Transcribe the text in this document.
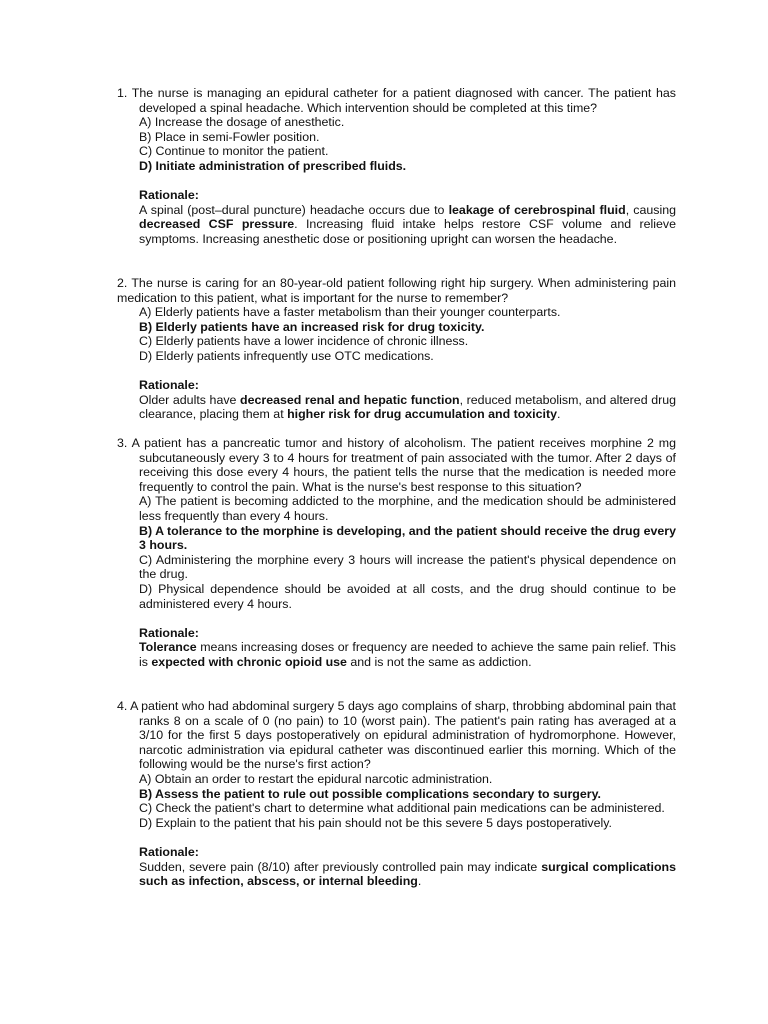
1. The nurse is managing an epidural catheter for a patient diagnosed with cancer. The patient has developed a spinal headache. Which intervention should be completed at this time?
A) Increase the dosage of anesthetic.
B) Place in semi-Fowler position.
C) Continue to monitor the patient.
D) Initiate administration of prescribed fluids.
Rationale:
A spinal (post–dural puncture) headache occurs due to leakage of cerebrospinal fluid, causing decreased CSF pressure. Increasing fluid intake helps restore CSF volume and relieve symptoms. Increasing anesthetic dose or positioning upright can worsen the headache.
2. The nurse is caring for an 80-year-old patient following right hip surgery. When administering pain medication to this patient, what is important for the nurse to remember?
A) Elderly patients have a faster metabolism than their younger counterparts.
B) Elderly patients have an increased risk for drug toxicity.
C) Elderly patients have a lower incidence of chronic illness.
D) Elderly patients infrequently use OTC medications.
Rationale:
Older adults have decreased renal and hepatic function, reduced metabolism, and altered drug clearance, placing them at higher risk for drug accumulation and toxicity.
3. A patient has a pancreatic tumor and history of alcoholism. The patient receives morphine 2 mg subcutaneously every 3 to 4 hours for treatment of pain associated with the tumor. After 2 days of receiving this dose every 4 hours, the patient tells the nurse that the medication is needed more frequently to control the pain. What is the nurse's best response to this situation?
A) The patient is becoming addicted to the morphine, and the medication should be administered less frequently than every 4 hours.
B) A tolerance to the morphine is developing, and the patient should receive the drug every 3 hours.
C) Administering the morphine every 3 hours will increase the patient's physical dependence on the drug.
D) Physical dependence should be avoided at all costs, and the drug should continue to be administered every 4 hours.
Rationale:
Tolerance means increasing doses or frequency are needed to achieve the same pain relief. This is expected with chronic opioid use and is not the same as addiction.
4. A patient who had abdominal surgery 5 days ago complains of sharp, throbbing abdominal pain that ranks 8 on a scale of 0 (no pain) to 10 (worst pain). The patient's pain rating has averaged at a 3/10 for the first 5 days postoperatively on epidural administration of hydromorphone. However, narcotic administration via epidural catheter was discontinued earlier this morning. Which of the following would be the nurse's first action?
A) Obtain an order to restart the epidural narcotic administration.
B) Assess the patient to rule out possible complications secondary to surgery.
C) Check the patient's chart to determine what additional pain medications can be administered.
D) Explain to the patient that his pain should not be this severe 5 days postoperatively.
Rationale:
Sudden, severe pain (8/10) after previously controlled pain may indicate surgical complications such as infection, abscess, or internal bleeding.
